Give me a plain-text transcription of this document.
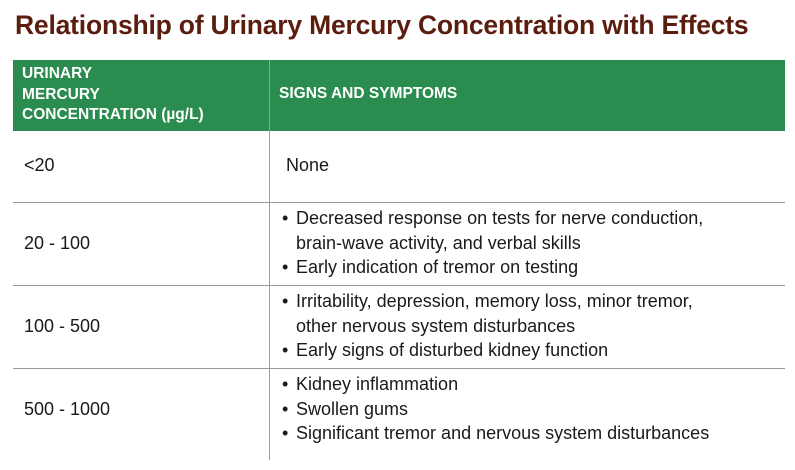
Relationship of Urinary Mercury Concentration with Effects
URINARY
MERCURY
CONCENTRATION (µg/L)
SIGNS AND SYMPTOMS
<20	None
20 - 100
• Decreased response on tests for nerve conduction,
brain-wave activity, and verbal skills
• Early indication of tremor on testing
100 - 500
• Irritability, depression, memory loss, minor tremor,
other nervous system disturbances
• Early signs of disturbed kidney function
500 - 1000
• Kidney inflammation
• Swollen gums
• Significant tremor and nervous system disturbances
